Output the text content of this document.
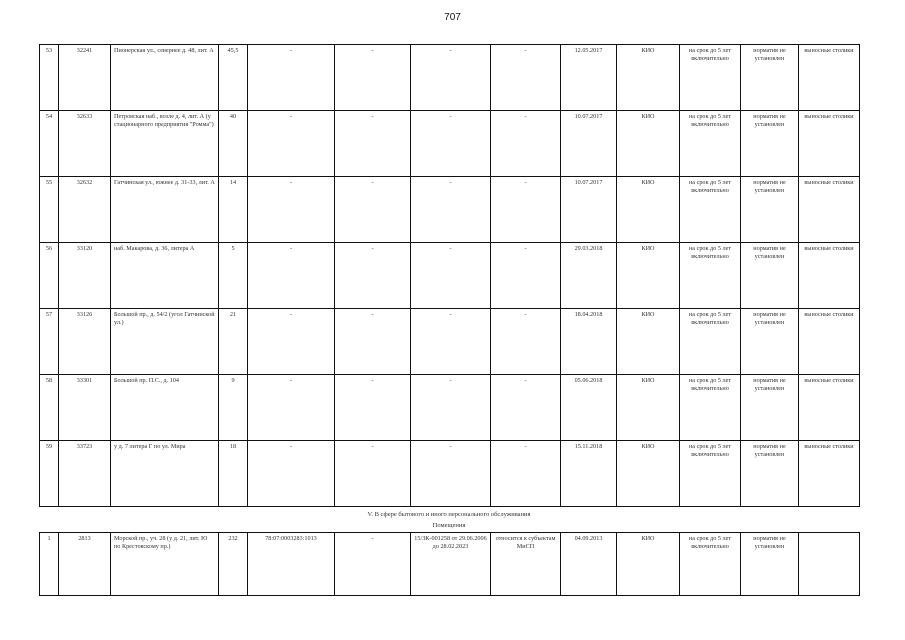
707
53	32241	Пионерская ул., севернее д. 48, лит. А	45,5	-	-	-	-	12.05.2017	КИО	на срок до 5 лет включительно	норматив не установлен	выносные столики
54	32633	Петровская наб., возле д. 4, лит. А (у стационарного предприятия "Ромма")	40	-	-	-	-	10.07.2017	КИО	на срок до 5 лет включительно	норматив не установлен	выносные столики
55	32632	Гатчинская ул., южнее д. 31-33, лит. А	14	-	-	-	-	10.07.2017	КИО	на срок до 5 лет включительно	норматив не установлен	выносные столики
56	33120	наб. Макарова, д. 36, литера А	5	-	-	-	-	29.03.2018	КИО	на срок до 5 лет включительно	норматив не установлен	выносные столики
57	33126	Большой пр., д. 54/2 (угол Гатчинской ул.)	21	-	-	-	-	18.04.2018	КИО	на срок до 5 лет включительно	норматив не установлен	выносные столики
58	33301	Большой пр. П.С., д. 104	9	-	-	-	-	05.06.2018	КИО	на срок до 5 лет включительно	норматив не установлен	выносные столики
59	33723	у д. 7 литера Г по ул. Мира	18	-	-	-	-	15.11.2018	КИО	на срок до 5 лет включительно	норматив не установлен	выносные столики
V. В сфере бытового и иного персонального обслуживания
Помещения
1	2813	Морской пр., уч. 28 (у д. 21, лит. Ю по Крестовскому пр.)	232	78:07:0003283:1013	-	15/ЗК-001258 от 29.06.2006 до 28.02.2023	относится к субъектам МиСП	04.09.2013	КИО	на срок до 5 лет включительно	норматив не установлен	
